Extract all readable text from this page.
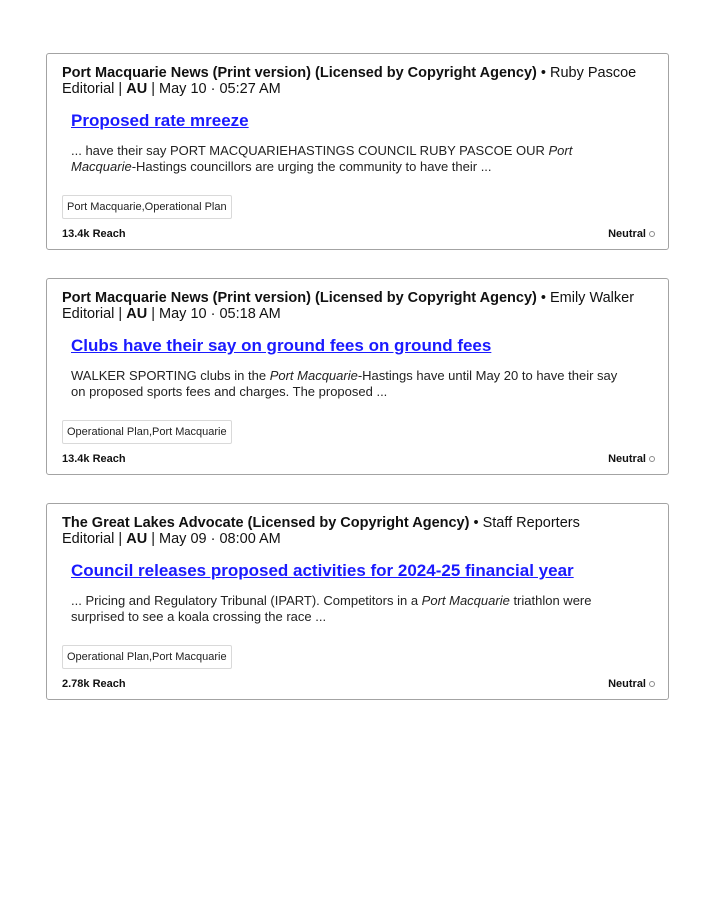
Port Macquarie News (Print version) (Licensed by Copyright Agency) • Ruby Pascoe
Editorial | AU | May 10 · 05:27 AM
Proposed rate mreeze
... have their say PORT MACQUARIEHASTINGS COUNCIL RUBY PASCOE OUR Port Macquarie-Hastings councillors are urging the community to have their ...
Port Macquarie,Operational Plan
13.4k Reach	Neutral
Port Macquarie News (Print version) (Licensed by Copyright Agency) • Emily Walker
Editorial | AU | May 10 · 05:18 AM
Clubs have their say on ground fees on ground fees
WALKER SPORTING clubs in the Port Macquarie-Hastings have until May 20 to have their say on proposed sports fees and charges. The proposed ...
Operational Plan,Port Macquarie
13.4k Reach	Neutral
The Great Lakes Advocate (Licensed by Copyright Agency) • Staff Reporters
Editorial | AU | May 09 · 08:00 AM
Council releases proposed activities for 2024-25 financial year
... Pricing and Regulatory Tribunal (IPART). Competitors in a Port Macquarie triathlon were surprised to see a koala crossing the race ...
Operational Plan,Port Macquarie
2.78k Reach	Neutral
